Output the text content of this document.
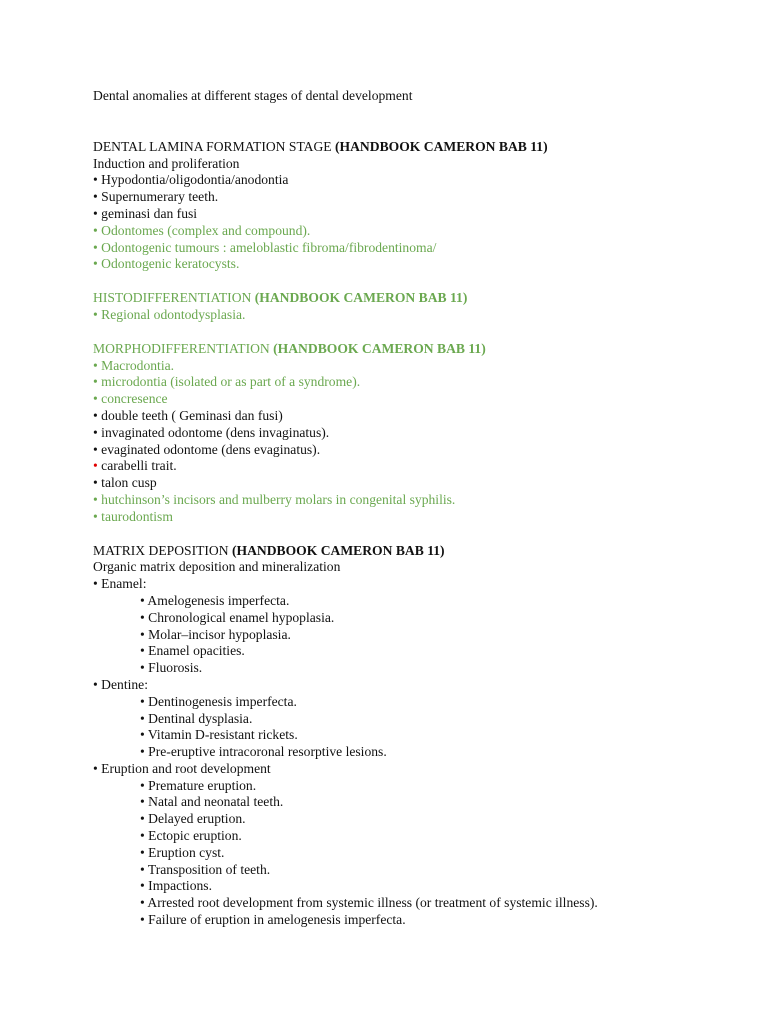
Dental anomalies at different stages of dental development
DENTAL LAMINA FORMATION STAGE (HANDBOOK CAMERON BAB 11)
Induction and proliferation
• Hypodontia/oligodontia/anodontia
• Supernumerary teeth.
• geminasi dan fusi
• Odontomes (complex and compound).
• Odontogenic tumours : ameloblastic fibroma/fibrodentinoma/
• Odontogenic keratocysts.
HISTODIFFERENTIATION (HANDBOOK CAMERON BAB 11)
• Regional odontodysplasia.
MORPHODIFFERENTIATION (HANDBOOK CAMERON BAB 11)
• Macrodontia.
• microdontia (isolated or as part of a syndrome).
• concresence
• double teeth ( Geminasi dan fusi)
• invaginated odontome (dens invaginatus).
• evaginated odontome (dens evaginatus).
• carabelli trait.
• talon cusp
• hutchinson’s incisors and mulberry molars in congenital syphilis.
• taurodontism
MATRIX DEPOSITION (HANDBOOK CAMERON BAB 11)
Organic matrix deposition and mineralization
• Enamel:
• Amelogenesis imperfecta.
• Chronological enamel hypoplasia.
• Molar–incisor hypoplasia.
• Enamel opacities.
• Fluorosis.
• Dentine:
• Dentinogenesis imperfecta.
• Dentinal dysplasia.
• Vitamin D-resistant rickets.
• Pre-eruptive intracoronal resorptive lesions.
• Eruption and root development
• Premature eruption.
• Natal and neonatal teeth.
• Delayed eruption.
• Ectopic eruption.
• Eruption cyst.
• Transposition of teeth.
• Impactions.
• Arrested root development from systemic illness (or treatment of systemic illness).
• Failure of eruption in amelogenesis imperfecta.
